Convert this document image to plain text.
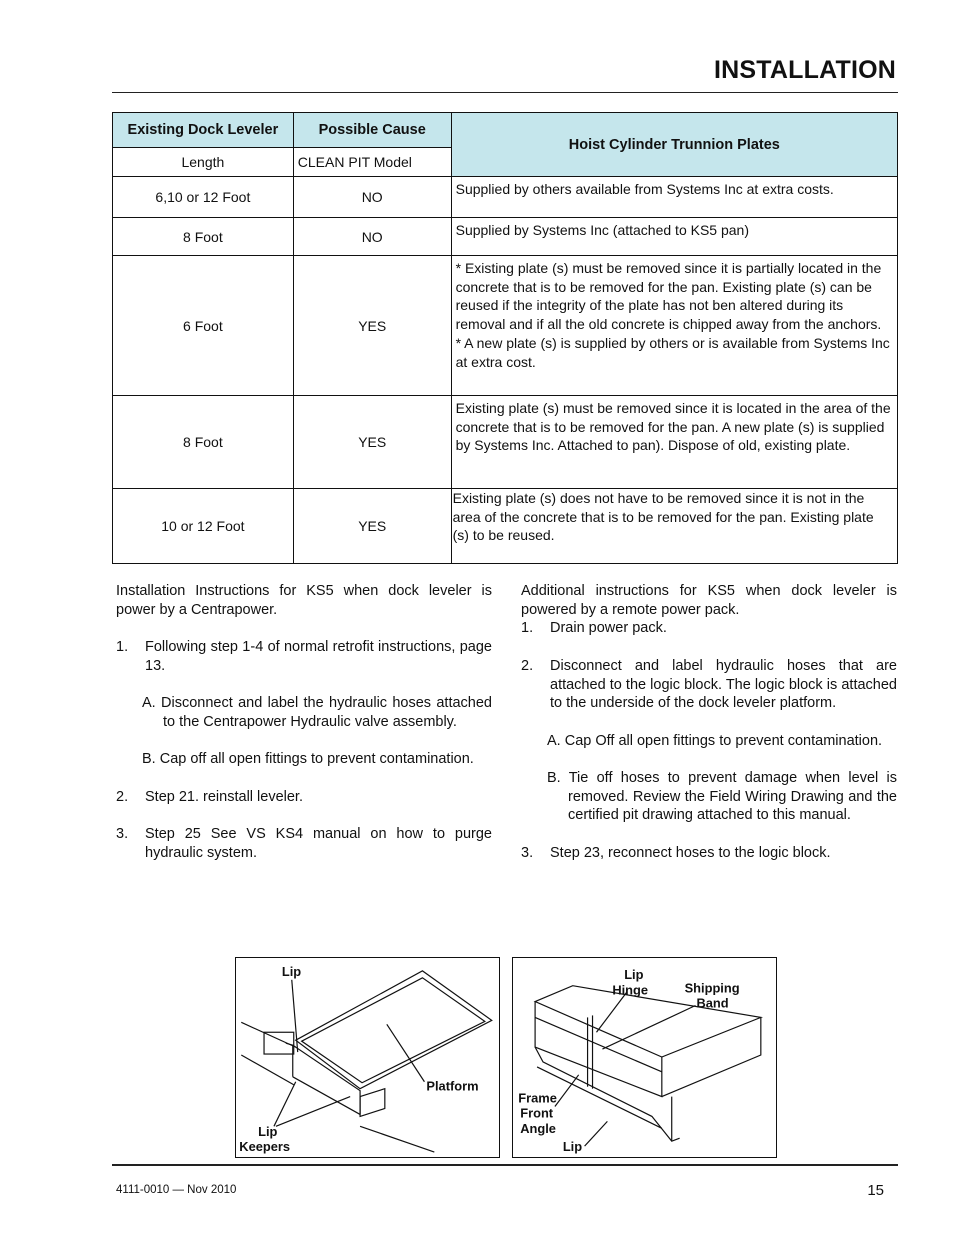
INSTALLATION
Existing Dock Leveler	Possible Cause	Hoist Cylinder Trunnion Plates
Length	CLEAN PIT Model	
6,10 or 12 Foot	NO	Supplied by others available from Systems Inc at extra costs.
8 Foot	NO	Supplied by Systems Inc (attached to KS5 pan)
6 Foot	YES	* Existing plate (s) must be removed since it is partially located in the concrete that is to be removed for the pan. Existing plate (s) can be reused if the integrity of the plate has not ben altered during its removal and if all the old concrete is chipped away from the anchors.
* A new plate (s) is supplied by others or is available from Systems Inc at extra cost.

8 Foot	YES	Existing plate (s) must be removed since it is located in the area of the concrete that is to be removed for the pan. A new plate (s) is supplied by Systems Inc. Attached to pan). Dispose of old, existing plate.
10 or 12 Foot	YES	Existing plate (s) does not have to be removed since it is not in the area of the concrete that is to be removed for the pan. Existing plate (s) to be reused.
Installation Instructions for KS5 when dock leveler is power by a Centrapower.
1. Following step 1-4 of normal retrofit instructions, page 13.
A. Disconnect and label the hydraulic hoses attached to the Centrapower Hydraulic valve assembly.
B. Cap off all open fittings to prevent contamination.
2. Step 21. reinstall leveler.
3. Step 25 See VS KS4 manual on how to purge hydraulic system.
Additional instructions for KS5 when dock leveler is powered by a remote power pack.
1. Drain power pack.
2. Disconnect and label hydraulic hoses that are attached to the logic block. The logic block is attached to the underside of the dock leveler platform.
A. Cap Off all open fittings to prevent contamination.
B. Tie off hoses to prevent damage when level is removed. Review the Field Wiring Drawing and the certified pit drawing attached to this manual.
3. Step 23, reconnect hoses to the logic block.
Lip
Platform
Lip
Keepers
Lip
Hinge	Shipping
Band
Frame
Front
Angle
Lip
4111-0010 — Nov 2010	15
